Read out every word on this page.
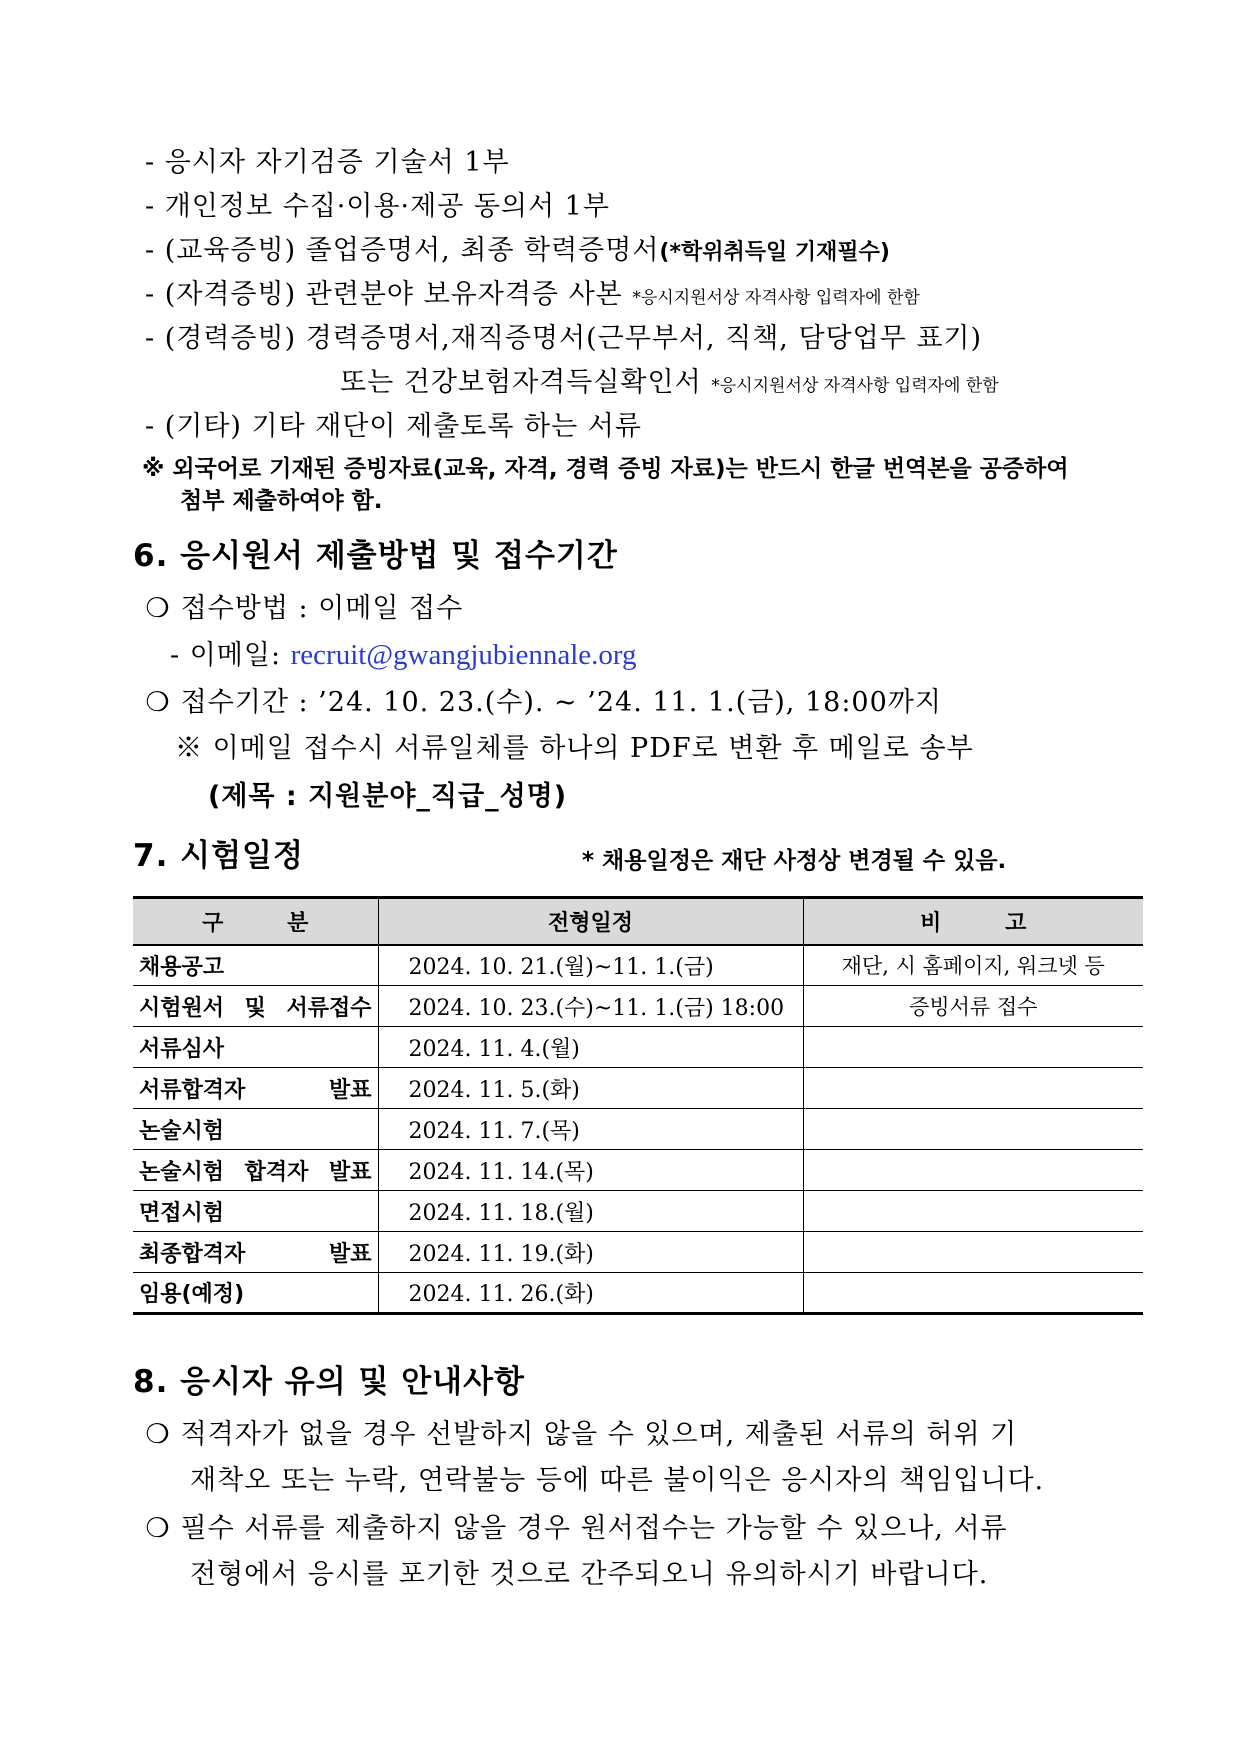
- 응시자 자기검증 기술서 1부
- 개인정보 수집·이용·제공 동의서 1부
- (교육증빙) 졸업증명서, 최종 학력증명서(*학위취득일 기재필수)
- (자격증빙) 관련분야 보유자격증 사본 *응시지원서상 자격사항 입력자에 한함
- (경력증빙) 경력증명서,재직증명서(근무부서, 직책, 담당업무 표기)
또는 건강보험자격득실확인서 *응시지원서상 자격사항 입력자에 한함
- (기타) 기타 재단이 제출토록 하는 서류
※ 외국어로 기재된 증빙자료(교육, 자격, 경력 증빙 자료)는 반드시 한글 번역본을 공증하여
첨부 제출하여야 함.
6. 응시원서 제출방법 및 접수기간
❍ 접수방법 : 이메일 접수
- 이메일: recruit@gwangjubiennale.org
❍ 접수기간 : ’24. 10. 23.(수). ~ ’24. 11. 1.(금), 18:00까지
※ 이메일 접수시 서류일체를 하나의 PDF로 변환 후 메일로 송부
(제목 : 지원분야_직급_성명)
7. 시험일정	* 채용일정은 재단 사정상 변경될 수 있음.
구 분	전형일정	비 고
채용공고	2024. 10. 21.(월)~11. 1.(금)	재단, 시 홈페이지, 워크넷 등
시험원서 및 서류접수	2024. 10. 23.(수)~11. 1.(금) 18:00	증빙서류 접수
서류심사	2024. 11. 4.(월)	
서류합격자 발표	2024. 11. 5.(화)	
논술시험	2024. 11. 7.(목)	
논술시험 합격자 발표	2024. 11. 14.(목)	
면접시험	2024. 11. 18.(월)	
최종합격자 발표	2024. 11. 19.(화)	
임용(예정)	2024. 11. 26.(화)	
8. 응시자 유의 및 안내사항
❍ 적격자가 없을 경우 선발하지 않을 수 있으며, 제출된 서류의 허위 기
재착오 또는 누락, 연락불능 등에 따른 불이익은 응시자의 책임입니다.
❍ 필수 서류를 제출하지 않을 경우 원서접수는 가능할 수 있으나, 서류
전형에서 응시를 포기한 것으로 간주되오니 유의하시기 바랍니다.
